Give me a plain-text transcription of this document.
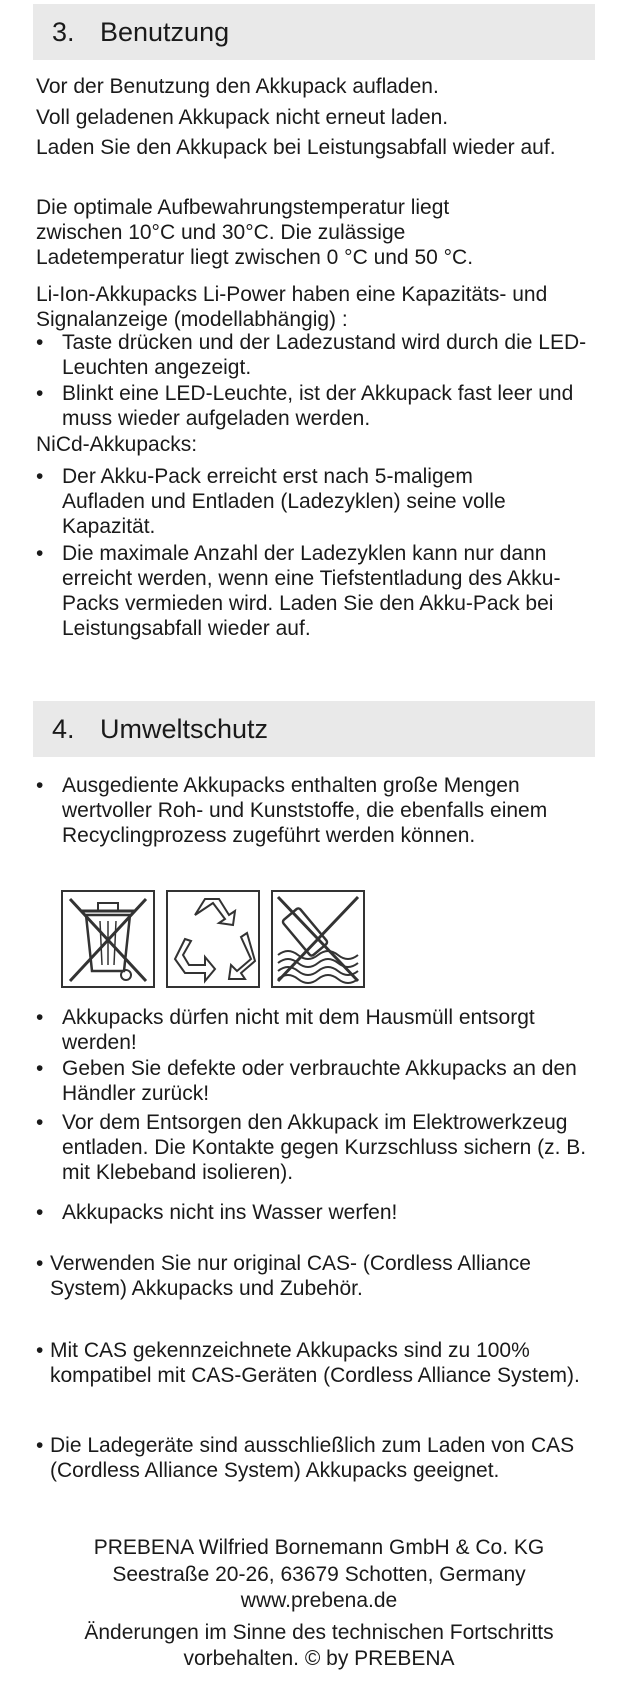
3. Benutzung

Vor der Benutzung den Akkupack aufladen.

Voll geladenen Akkupack nicht erneut laden.

Laden Sie den Akkupack bei Leistungsabfall wieder auf.

Die optimale Aufbewahrungstemperatur liegt zwischen 10°C und 30°C. Die zulässige Ladetemperatur liegt zwischen 0 °C und 50 °C.

Li-Ion-Akkupacks Li-Power haben eine Kapazitäts- und Signalanzeige (modellabhängig) :

• Taste drücken und der Ladezustand wird durch die LED-Leuchten angezeigt.

• Blinkt eine LED-Leuchte, ist der Akkupack fast leer und muss wieder aufgeladen werden.

NiCd-Akkupacks:

• Der Akku-Pack erreicht erst nach 5-maligem Aufladen und Entladen (Ladezyklen) seine volle Kapazität.

• Die maximale Anzahl der Ladezyklen kann nur dann erreicht werden, wenn eine Tiefstentladung des Akku-Packs vermieden wird. Laden Sie den Akku-Pack bei Leistungsabfall wieder auf.

4. Umweltschutz

• Ausgediente Akkupacks enthalten große Mengen wertvoller Roh- und Kunststoffe, die ebenfalls einem Recyclingprozess zugeführt werden können.

• Akkupacks dürfen nicht mit dem Hausmüll entsorgt werden!

• Geben Sie defekte oder verbrauchte Akkupacks an den Händler zurück!

• Vor dem Entsorgen den Akkupack im Elektrowerkzeug entladen. Die Kontakte gegen Kurzschluss sichern (z. B. mit Klebeband isolieren).

• Akkupacks nicht ins Wasser werfen!

• Verwenden Sie nur original CAS- (Cordless Alliance System) Akkupacks und Zubehör.

• Mit CAS gekennzeichnete Akkupacks sind zu 100% kompatibel mit CAS-Geräten (Cordless Alliance System).

• Die Ladegeräte sind ausschließlich zum Laden von CAS (Cordless Alliance System) Akkupacks geeignet.

PREBENA Wilfried Bornemann GmbH & Co. KG

Seestraße 20-26, 63679 Schotten, Germany

www.prebena.de

Änderungen im Sinne des technischen Fortschritts vorbehalten. © by PREBENA
